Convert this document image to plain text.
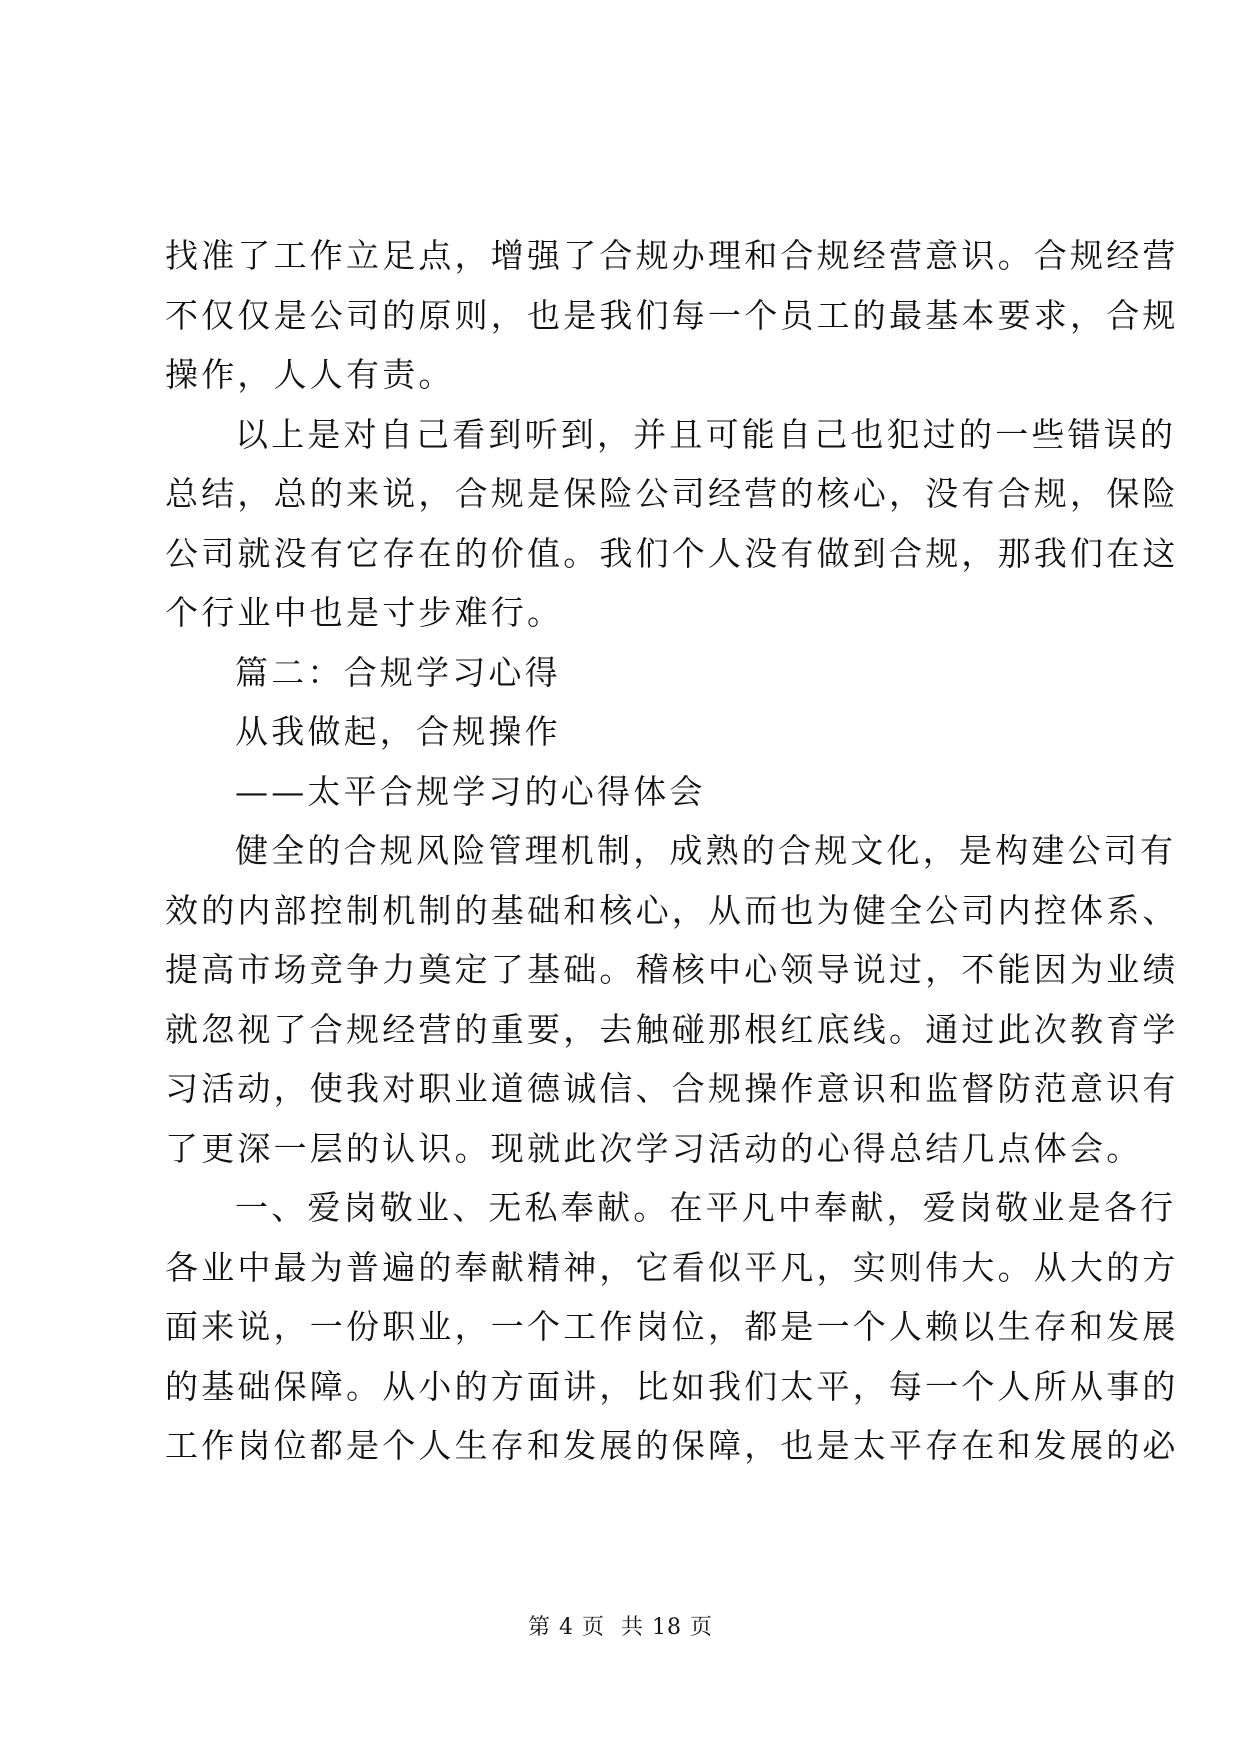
找准了工作立足点，增强了合规办理和合规经营意识。合规经营

不仅仅是公司的原则，也是我们每一个员工的最基本要求，合规

操作，人人有责。

以上是对自己看到听到，并且可能自己也犯过的一些错误的

总结，总的来说，合规是保险公司经营的核心，没有合规，保险

公司就没有它存在的价值。我们个人没有做到合规，那我们在这

个行业中也是寸步难行。

篇二：合规学习心得

从我做起，合规操作

——太平合规学习的心得体会

健全的合规风险管理机制，成熟的合规文化，是构建公司有

效的内部控制机制的基础和核心，从而也为健全公司内控体系、

提高市场竞争力奠定了基础。稽核中心领导说过，不能因为业绩

就忽视了合规经营的重要，去触碰那根红底线。通过此次教育学

习活动，使我对职业道德诚信、合规操作意识和监督防范意识有

了更深一层的认识。现就此次学习活动的心得总结几点体会。

一、爱岗敬业、无私奉献。在平凡中奉献，爱岗敬业是各行

各业中最为普遍的奉献精神，它看似平凡，实则伟大。从大的方

面来说，一份职业，一个工作岗位，都是一个人赖以生存和发展

的基础保障。从小的方面讲，比如我们太平，每一个人所从事的

工作岗位都是个人生存和发展的保障，也是太平存在和发展的必

第 4 页 共 18 页
